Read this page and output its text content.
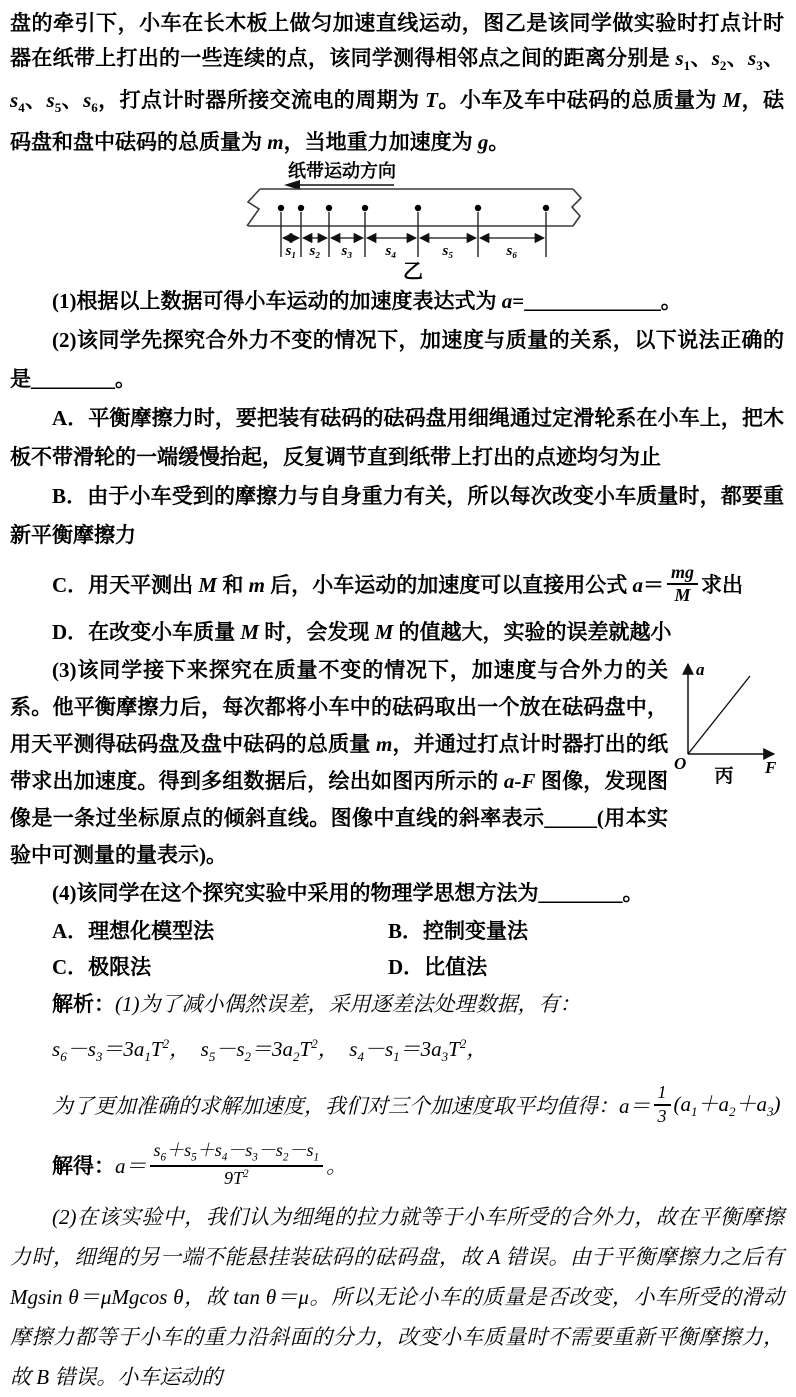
盘的牵引下，小车在长木板上做匀加速直线运动，图乙是该同学做实验时打点计时器在纸带上打出的一些连续的点，该同学测得相邻点之间的距离分别是 $s_1$、$s_2$、$s_3$、$s_4$、$s_5$、$s_6$，打点计时器所接交流电的周期为 T。小车及车中砝码的总质量为 M，砝码盘和盘中砝码的总质量为 m，当地重力加速度为 g。

纸带运动方向
s₁ s₂ s₃ s₄	s₅	s₆
乙

(1)根据以上数据可得小车运动的加速度表达式为 a=_____________。

(2)该同学先探究合外力不变的情况下，加速度与质量的关系，以下说法正确的是________。

A．平衡摩擦力时，要把装有砝码的砝码盘用细绳通过定滑轮系在小车上，把木板不带滑轮的一端缓慢抬起，反复调节直到纸带上打出的点迹均匀为止

B．由于小车受到的摩擦力与自身重力有关，所以每次改变小车质量时，都要重新平衡摩擦力

C．用天平测出 M 和 m 后，小车运动的加速度可以直接用公式 $a= \frac{mg}{M}$ 求出

D．在改变小车质量 M 时，会发现 M 的值越大，实验的误差就越小

(3)该同学接下来探究在质量不变的情况下，加速度与合外力的关系。他平衡摩擦力后，每次都将小车中的砝码取出一个放在砝码盘中，用天平测得砝码盘及盘中砝码的总质量 m，并通过打点计时器打出的纸带求出加速度。得到多组数据后，绘出如图丙所示的 a-F 图像，发现图像是一条过坐标原点的倾斜直线。图像中直线的斜率表示_____(用本实验中可测量的量表示)。

a
O	F
丙

(4)该同学在这个探究实验中采用的物理学思想方法为________。

A．理想化模型法	B．控制变量法
C．极限法	D．比值法

解析：(1)为了减小偶然误差，采用逐差法处理数据，有：

$s_6-s_3=3a_1T^2$，　$s_5-s_2=3a_2T^2$，　$s_4-s_1=3a_3T^2$，

为了更加准确的求解加速度，我们对三个加速度取平均值得：$a= \frac{1}{3} (a_1+a_2+a_3)$
解得： $a= \frac{s_6+s_5+s_4-s_3-s_2-s_1}{9T^2}$ 。

(2)在该实验中，我们认为细绳的拉力就等于小车所受的合外力，故在平衡摩擦力时，细绳的另一端不能悬挂装砝码的砝码盘，故 A 错误。由于平衡摩擦力之后有 Mgsin θ＝μMgcos θ，故 tan θ＝μ。所以无论小车的质量是否改变，小车所受的滑动摩擦力都等于小车的重力沿斜面的分力，改变小车质量时不需要重新平衡摩擦力，故 B 错误。小车运动的
